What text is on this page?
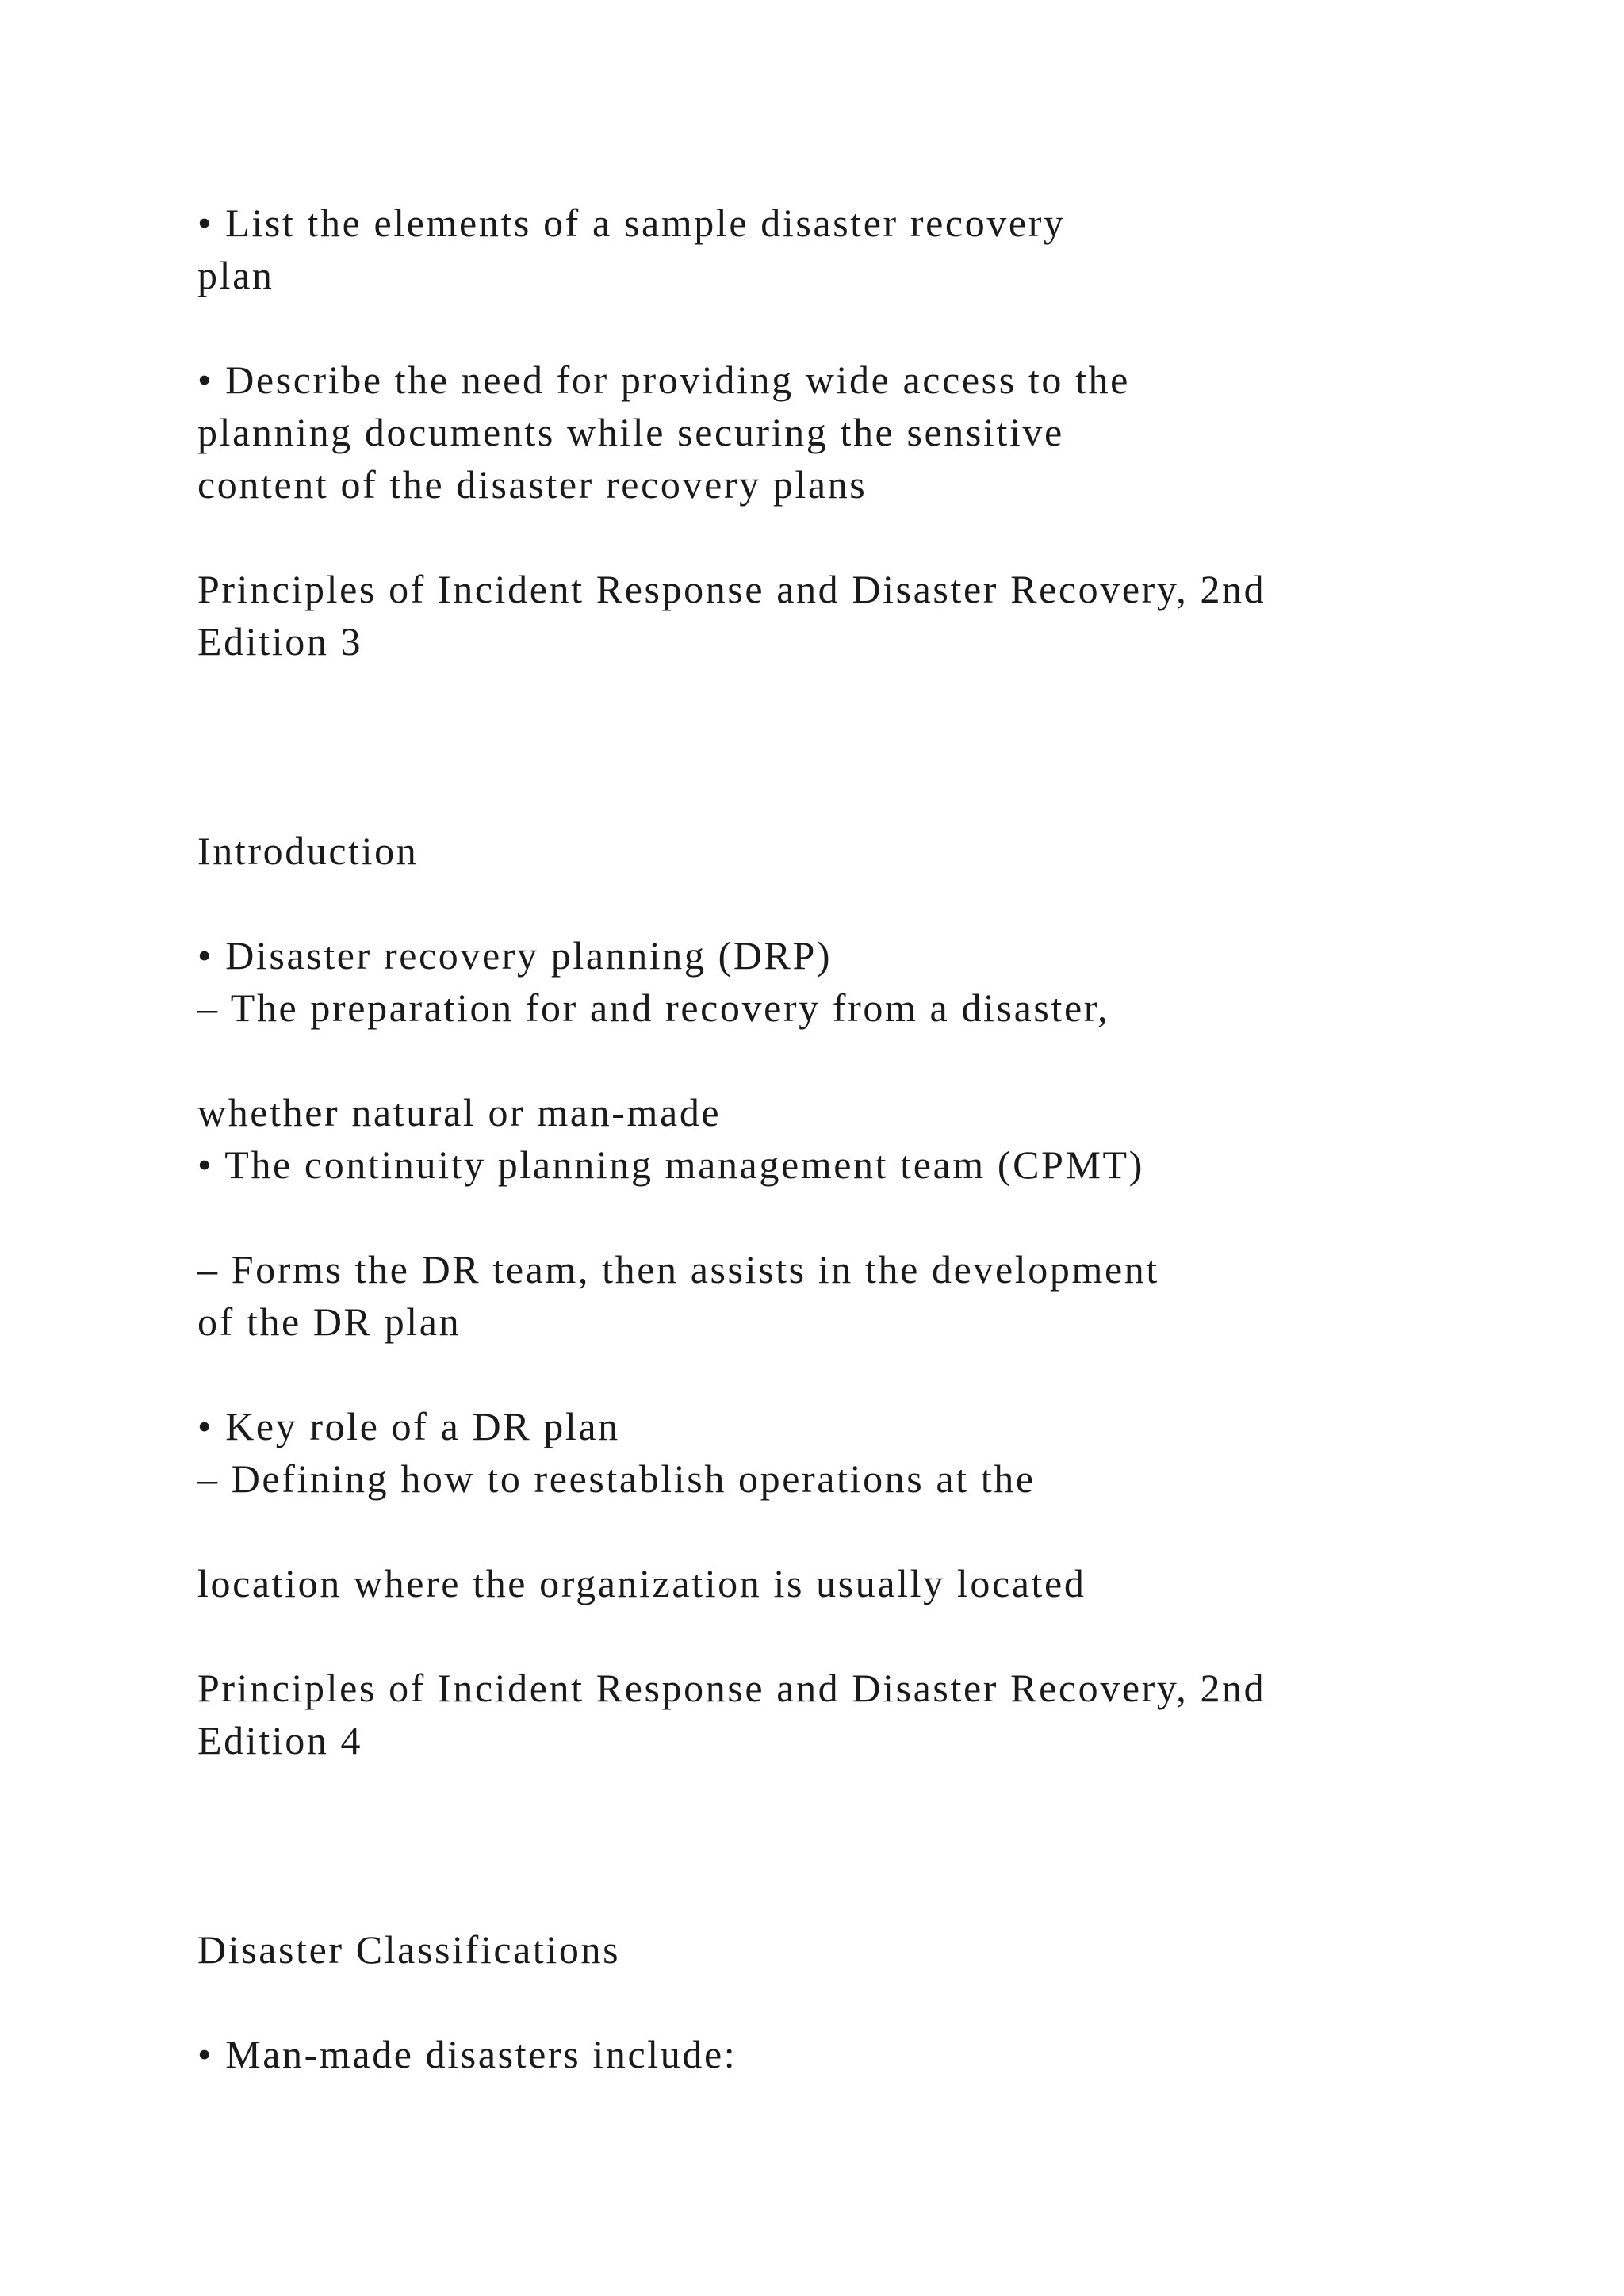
• List the elements of a sample disaster recovery

plan

• Describe the need for providing wide access to the

planning documents while securing the sensitive

content of the disaster recovery plans

Principles of Incident Response and Disaster Recovery, 2nd

Edition 3

Introduction

• Disaster recovery planning (DRP)

– The preparation for and recovery from a disaster,

whether natural or man-made

• The continuity planning management team (CPMT)

– Forms the DR team, then assists in the development

of the DR plan

• Key role of a DR plan

– Defining how to reestablish operations at the

location where the organization is usually located

Principles of Incident Response and Disaster Recovery, 2nd

Edition 4

Disaster Classifications

• Man-made disasters include:
